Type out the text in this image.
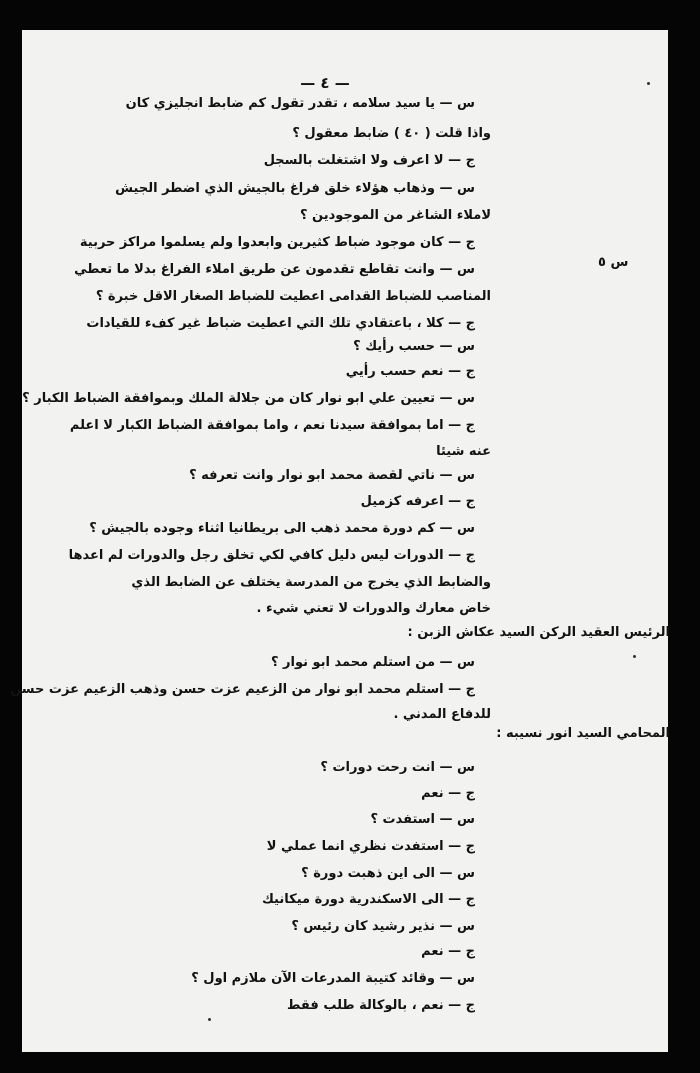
— ٤ —
س ٥
س — يا سيد سلامه ، تقدر تقول كم ضابط انجليزي كان
واذا قلت ( ٤٠ ) ضابط معقول ؟
ج — لا اعرف ولا اشتغلت بالسجل
س — وذهاب هؤلاء خلق فراغ بالجيش الذي اضطر الجيش
لاملاء الشاغر من الموجودين ؟
ج — كان موجود ضباط كثيرين وابعدوا ولم يسلموا مراكز حربية
س — وانت تقاطع تقدمون عن طريق املاء الفراغ بدلا ما تعطي
المناصب للضباط القدامى اعطيت للضباط الصغار الاقل خبرة ؟
ج — كلا ، باعتقادي تلك التي اعطيت ضباط غير كفء للقيادات
س — حسب رأيك ؟
ج — نعم حسب رأيي
س — تعيين علي ابو نوار كان من جلالة الملك وبموافقة الضباط الكبار ؟
ج — اما بموافقة سيدنا نعم ، واما بموافقة الضباط الكبار لا اعلم
عنه شيئا
س — ناتي لقصة محمد ابو نوار وانت تعرفه ؟
ج — اعرفه كزميل
س — كم دورة محمد ذهب الى بريطانيا اثناء وجوده بالجيش ؟
ج — الدورات ليس دليل كافي لكي تخلق رجل والدورات لم اعدها
والضابط الذي يخرج من المدرسة يختلف عن الضابط الذي
خاض معارك والدورات لا تعني شيء .
الرئيس العقيد الركن السيد عكاش الزبن :
س — من استلم محمد ابو نوار ؟
ج — استلم محمد ابو نوار من الزعيم عزت حسن وذهب الزعيم عزت حسن
للدفاع المدني .
المحامي السيد انور نسيبه :
س — انت رحت دورات ؟
ج — نعم
س — استفدت ؟
ج — استفدت نظري انما عملي لا
س — الى اين ذهبت دورة ؟
ج — الى الاسكندرية دورة ميكانيك
س — نذير رشيد كان رئيس ؟
ج — نعم
س — وقائد كتيبة المدرعات الآن ملازم اول ؟
ج — نعم ، بالوكالة طلب فقط
